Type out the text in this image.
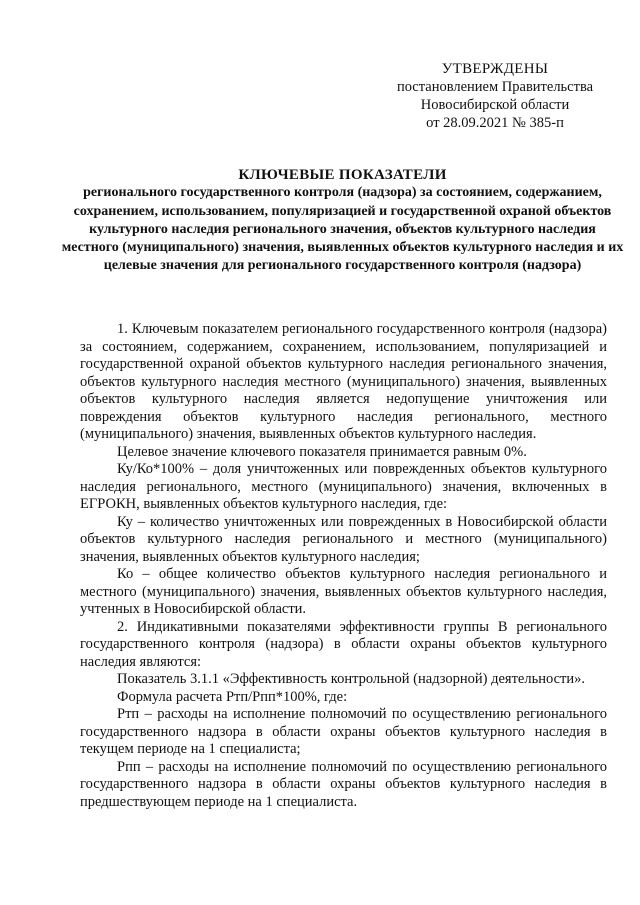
УТВЕРЖДЕНЫ
постановлением Правительства
Новосибирской области
от 28.09.2021 № 385-п
КЛЮЧЕВЫЕ ПОКАЗАТЕЛИ
регионального государственного контроля (надзора) за состоянием, содержанием, сохранением, использованием, популяризацией и государственной охраной объектов культурного наследия регионального значения, объектов культурного наследия местного (муниципального) значения, выявленных объектов культурного наследия и их целевые значения для регионального государственного контроля (надзора)

1. Ключевым показателем регионального государственного контроля (надзора) за состоянием, содержанием, сохранением, использованием, популяризацией и государственной охраной объектов культурного наследия регионального значения, объектов культурного наследия местного (муниципального) значения, выявленных объектов культурного наследия является недопущение уничтожения или повреждения объектов культурного наследия регионального, местного (муниципального) значения, выявленных объектов культурного наследия.

Целевое значение ключевого показателя принимается равным 0%.

Ку/Ко*100% – доля уничтоженных или поврежденных объектов культурного наследия регионального, местного (муниципального) значения, включенных в ЕГРОКН, выявленных объектов культурного наследия, где:

Ку – количество уничтоженных или поврежденных в Новосибирской области объектов культурного наследия регионального и местного (муниципального) значения, выявленных объектов культурного наследия;

Ко – общее количество объектов культурного наследия регионального и местного (муниципального) значения, выявленных объектов культурного наследия, учтенных в Новосибирской области.

2. Индикативными показателями эффективности группы В регионального государственного контроля (надзора) в области охраны объектов культурного наследия являются:

Показатель 3.1.1 «Эффективность контрольной (надзорной) деятельности».

Формула расчета Ртп/Рпп*100%, где:

Ртп – расходы на исполнение полномочий по осуществлению регионального государственного надзора в области охраны объектов культурного наследия в текущем периоде на 1 специалиста;

Рпп – расходы на исполнение полномочий по осуществлению регионального государственного надзора в области охраны объектов культурного наследия в предшествующем периоде на 1 специалиста.
